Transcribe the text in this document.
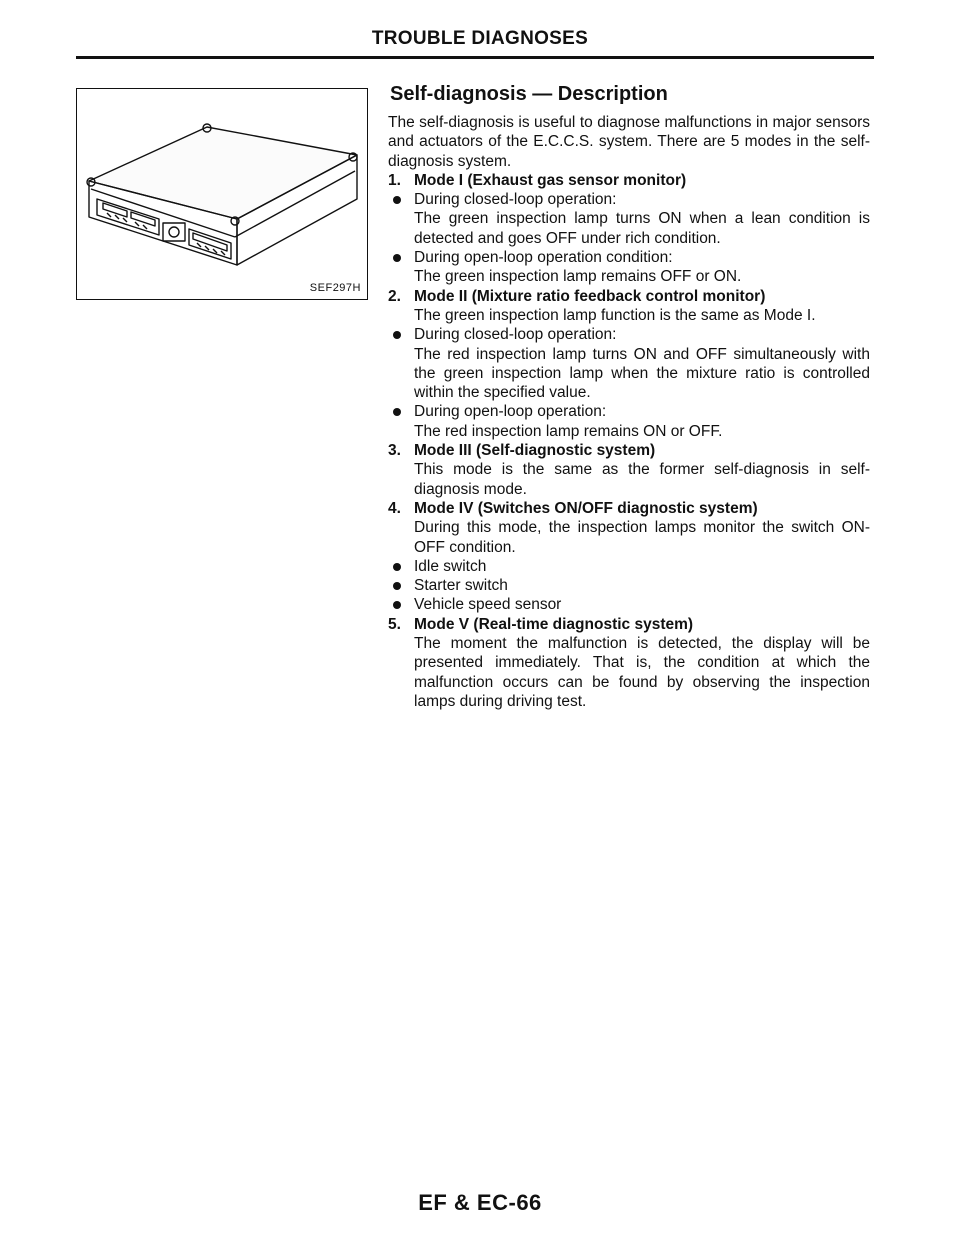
TROUBLE DIAGNOSES
SEF297H
Self-diagnosis — Description

The self-diagnosis is useful to diagnose malfunctions in major sensors and actuators of the E.C.C.S. system. There are 5 modes in the self-diagnosis system.

1. Mode I (Exhaust gas sensor monitor)
During closed-loop operation:

The green inspection lamp turns ON when a lean condition is detected and goes OFF under rich condition.

During open-loop operation condition:

The green inspection lamp remains OFF or ON.

2. Mode II (Mixture ratio feedback control monitor)

The green inspection lamp function is the same as Mode I.

During closed-loop operation:

The red inspection lamp turns ON and OFF simultaneously with the green inspection lamp when the mixture ratio is controlled within the specified value.

During open-loop operation:

The red inspection lamp remains ON or OFF.

3. Mode III (Self-diagnostic system)

This mode is the same as the former self-diagnosis in self-diagnosis mode.

4. Mode IV (Switches ON/OFF diagnostic system)

During this mode, the inspection lamps monitor the switch ON-OFF condition.

Idle switch
Starter switch
Vehicle speed sensor
5. Mode V (Real-time diagnostic system)

The moment the malfunction is detected, the display will be presented immediately. That is, the condition at which the malfunction occurs can be found by observing the inspection lamps during driving test.

EF & EC-66
